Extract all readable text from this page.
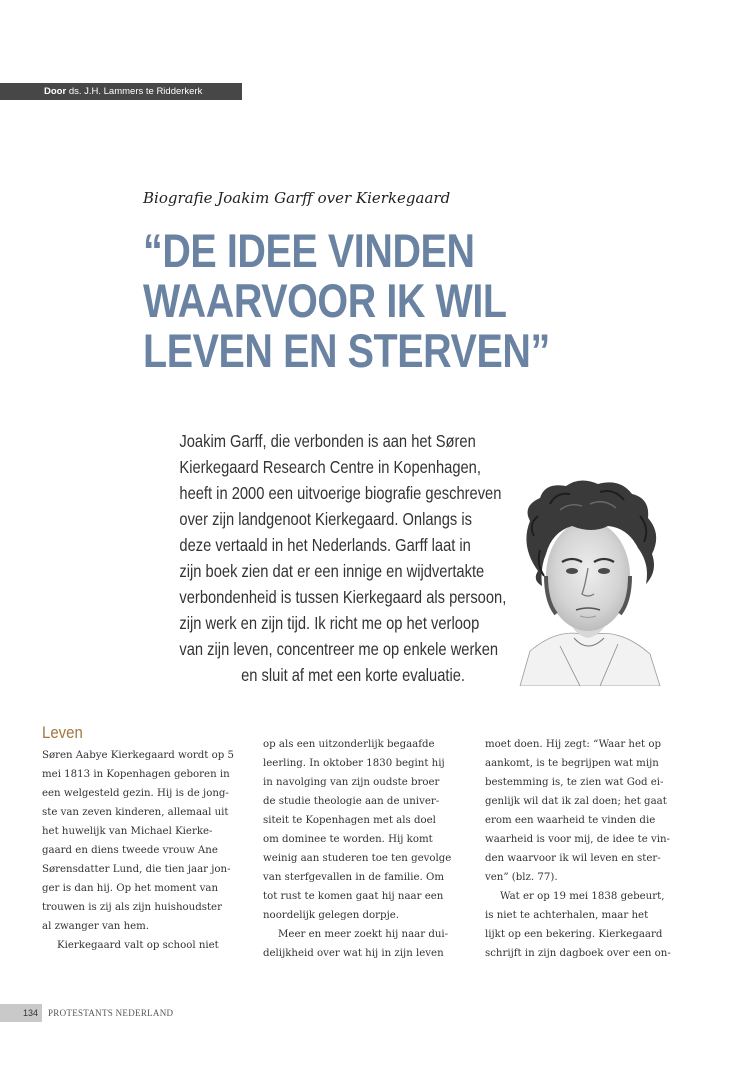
Door ds. J.H. Lammers te Ridderkerk
Biografie Joakim Garff over Kierkegaard
“DE IDEE VINDEN
WAARVOOR IK WIL
LEVEN EN STERVEN”
Joakim Garff, die verbonden is aan het Søren
Kierkegaard Research Centre in Kopenhagen,
heeft in 2000 een uitvoerige biografie geschreven
over zijn landgenoot Kierkegaard. Onlangs is
deze vertaald in het Nederlands. Garff laat in
zijn boek zien dat er een innige en wijdvertakte
verbondenheid is tussen Kierkegaard als persoon,
zijn werk en zijn tijd. Ik richt me op het verloop
van zijn leven, concentreer me op enkele werken
en sluit af met een korte evaluatie.
Leven
Søren Aabye Kierkegaard wordt op 5
mei 1813 in Kopenhagen geboren in
een welgesteld gezin. Hij is de jong-
ste van zeven kinderen, allemaal uit
het huwelijk van Michael Kierke-
gaard en diens tweede vrouw Ane
Sørensdatter Lund, die tien jaar jon-
ger is dan hij. Op het moment van
trouwen is zij als zijn huishoudster
al zwanger van hem.
Kierkegaard valt op school niet
op als een uitzonderlijk begaafde
leerling. In oktober 1830 begint hij
in navolging van zijn oudste broer
de studie theologie aan de univer-
siteit te Kopenhagen met als doel
om dominee te worden. Hij komt
weinig aan studeren toe ten gevolge
van sterfgevallen in de familie. Om
tot rust te komen gaat hij naar een
noordelijk gelegen dorpje.
Meer en meer zoekt hij naar dui-
delijkheid over wat hij in zijn leven
moet doen. Hij zegt: “Waar het op
aankomt, is te begrijpen wat mijn
bestemming is, te zien wat God ei-
genlijk wil dat ik zal doen; het gaat
erom een waarheid te vinden die
waarheid is voor mij, de idee te vin-
den waarvoor ik wil leven en ster-
ven” (blz. 77).
Wat er op 19 mei 1838 gebeurt,
is niet te achterhalen, maar het
lijkt op een bekering. Kierkegaard
schrijft in zijn dagboek over een on-
134	PROTESTANTS NEDERLAND
